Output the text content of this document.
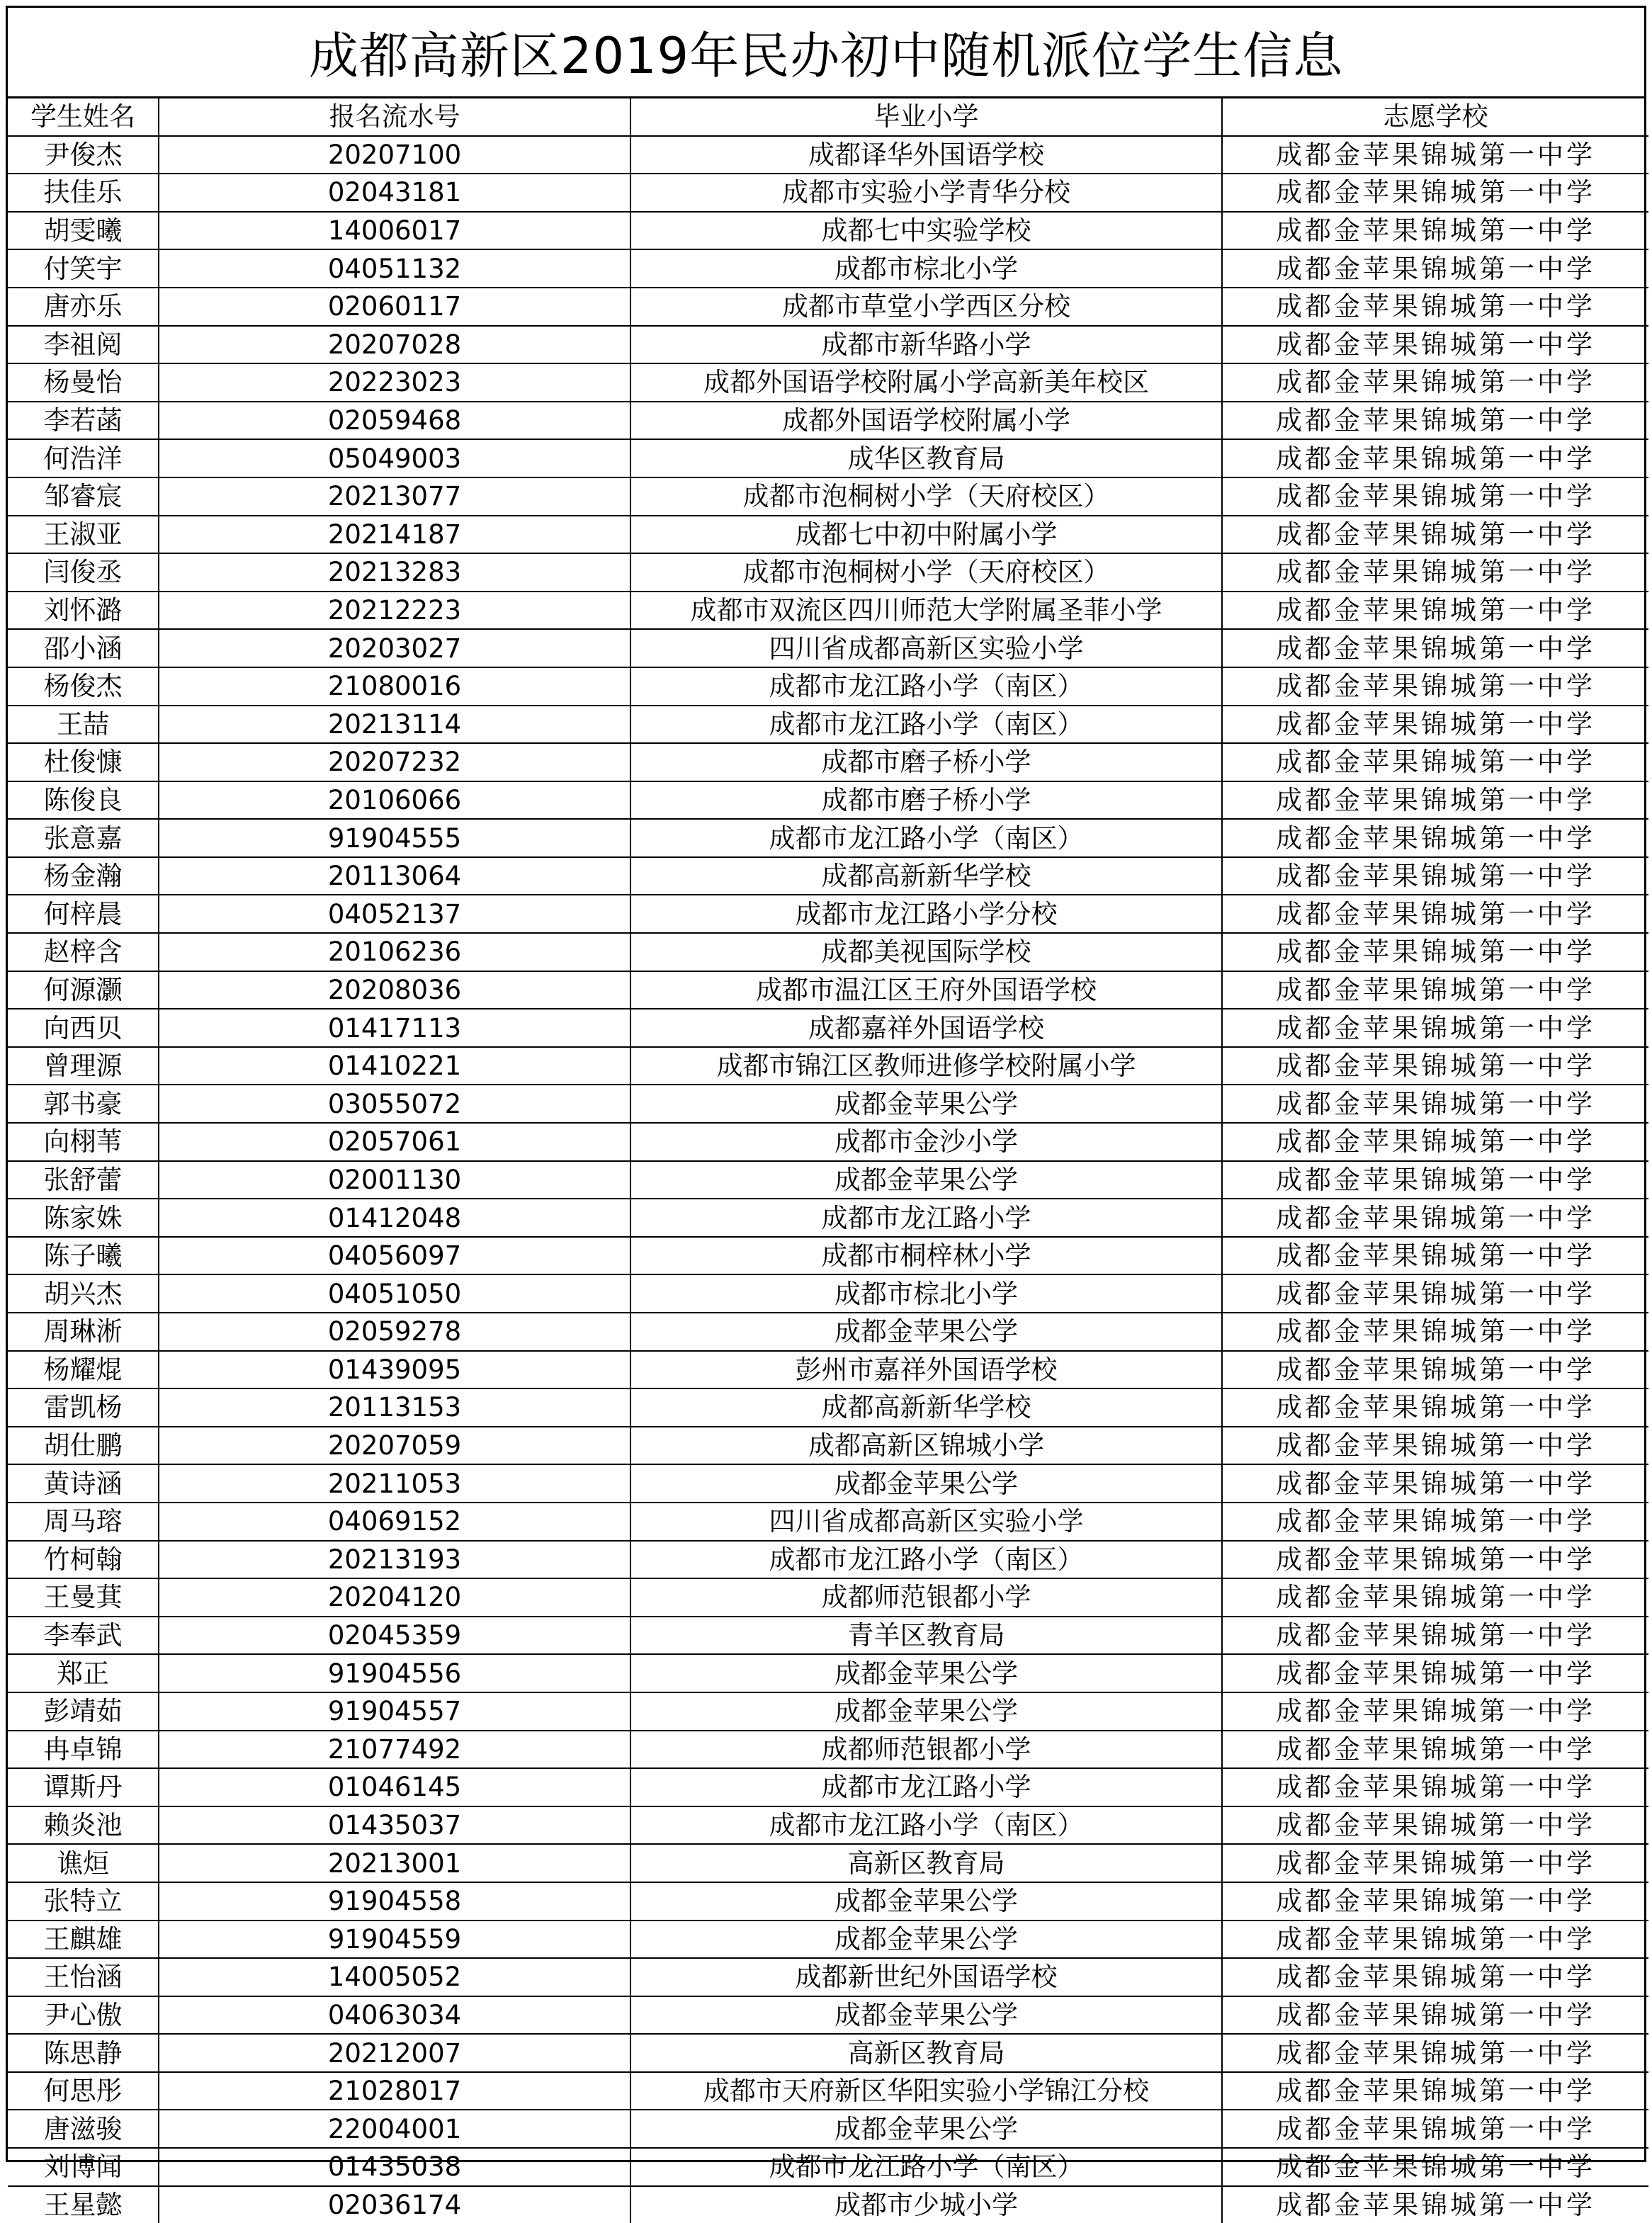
成都高新区2019年民办初中随机派位学生信息
学生姓名	报名流水号	毕业小学	志愿学校
尹俊杰	20207100	成都译华外国语学校	成都金苹果锦城第一中学
扶佳乐	02043181	成都市实验小学青华分校	成都金苹果锦城第一中学
胡雯曦	14006017	成都七中实验学校	成都金苹果锦城第一中学
付笑宇	04051132	成都市棕北小学	成都金苹果锦城第一中学
唐亦乐	02060117	成都市草堂小学西区分校	成都金苹果锦城第一中学
李祖阅	20207028	成都市新华路小学	成都金苹果锦城第一中学
杨曼怡	20223023	成都外国语学校附属小学高新美年校区	成都金苹果锦城第一中学
李若菡	02059468	成都外国语学校附属小学	成都金苹果锦城第一中学
何浩洋	05049003	成华区教育局	成都金苹果锦城第一中学
邹睿宸	20213077	成都市泡桐树小学（天府校区）	成都金苹果锦城第一中学
王淑亚	20214187	成都七中初中附属小学	成都金苹果锦城第一中学
闫俊丞	20213283	成都市泡桐树小学（天府校区）	成都金苹果锦城第一中学
刘怀潞	20212223	成都市双流区四川师范大学附属圣菲小学	成都金苹果锦城第一中学
邵小涵	20203027	四川省成都高新区实验小学	成都金苹果锦城第一中学
杨俊杰	21080016	成都市龙江路小学（南区）	成都金苹果锦城第一中学
王喆	20213114	成都市龙江路小学（南区）	成都金苹果锦城第一中学
杜俊慷	20207232	成都市磨子桥小学	成都金苹果锦城第一中学
陈俊良	20106066	成都市磨子桥小学	成都金苹果锦城第一中学
张意嘉	91904555	成都市龙江路小学（南区）	成都金苹果锦城第一中学
杨金瀚	20113064	成都高新新华学校	成都金苹果锦城第一中学
何梓晨	04052137	成都市龙江路小学分校	成都金苹果锦城第一中学
赵梓含	20106236	成都美视国际学校	成都金苹果锦城第一中学
何源灏	20208036	成都市温江区王府外国语学校	成都金苹果锦城第一中学
向西贝	01417113	成都嘉祥外国语学校	成都金苹果锦城第一中学
曾理源	01410221	成都市锦江区教师进修学校附属小学	成都金苹果锦城第一中学
郭书豪	03055072	成都金苹果公学	成都金苹果锦城第一中学
向栩苇	02057061	成都市金沙小学	成都金苹果锦城第一中学
张舒蕾	02001130	成都金苹果公学	成都金苹果锦城第一中学
陈家姝	01412048	成都市龙江路小学	成都金苹果锦城第一中学
陈子曦	04056097	成都市桐梓林小学	成都金苹果锦城第一中学
胡兴杰	04051050	成都市棕北小学	成都金苹果锦城第一中学
周琳淅	02059278	成都金苹果公学	成都金苹果锦城第一中学
杨耀焜	01439095	彭州市嘉祥外国语学校	成都金苹果锦城第一中学
雷凯杨	20113153	成都高新新华学校	成都金苹果锦城第一中学
胡仕鹏	20207059	成都高新区锦城小学	成都金苹果锦城第一中学
黄诗涵	20211053	成都金苹果公学	成都金苹果锦城第一中学
周马瑢	04069152	四川省成都高新区实验小学	成都金苹果锦城第一中学
竹柯翰	20213193	成都市龙江路小学（南区）	成都金苹果锦城第一中学
王曼萁	20204120	成都师范银都小学	成都金苹果锦城第一中学
李奉武	02045359	青羊区教育局	成都金苹果锦城第一中学
郑正	91904556	成都金苹果公学	成都金苹果锦城第一中学
彭靖茹	91904557	成都金苹果公学	成都金苹果锦城第一中学
冉卓锦	21077492	成都师范银都小学	成都金苹果锦城第一中学
谭斯丹	01046145	成都市龙江路小学	成都金苹果锦城第一中学
赖炎池	01435037	成都市龙江路小学（南区）	成都金苹果锦城第一中学
谯烜	20213001	高新区教育局	成都金苹果锦城第一中学
张特立	91904558	成都金苹果公学	成都金苹果锦城第一中学
王麒雄	91904559	成都金苹果公学	成都金苹果锦城第一中学
王怡涵	14005052	成都新世纪外国语学校	成都金苹果锦城第一中学
尹心傲	04063034	成都金苹果公学	成都金苹果锦城第一中学
陈思静	20212007	高新区教育局	成都金苹果锦城第一中学
何思彤	21028017	成都市天府新区华阳实验小学锦江分校	成都金苹果锦城第一中学
唐滋骏	22004001	成都金苹果公学	成都金苹果锦城第一中学
刘博闻	01435038	成都市龙江路小学（南区）	成都金苹果锦城第一中学
王星懿	02036174	成都市少城小学	成都金苹果锦城第一中学
